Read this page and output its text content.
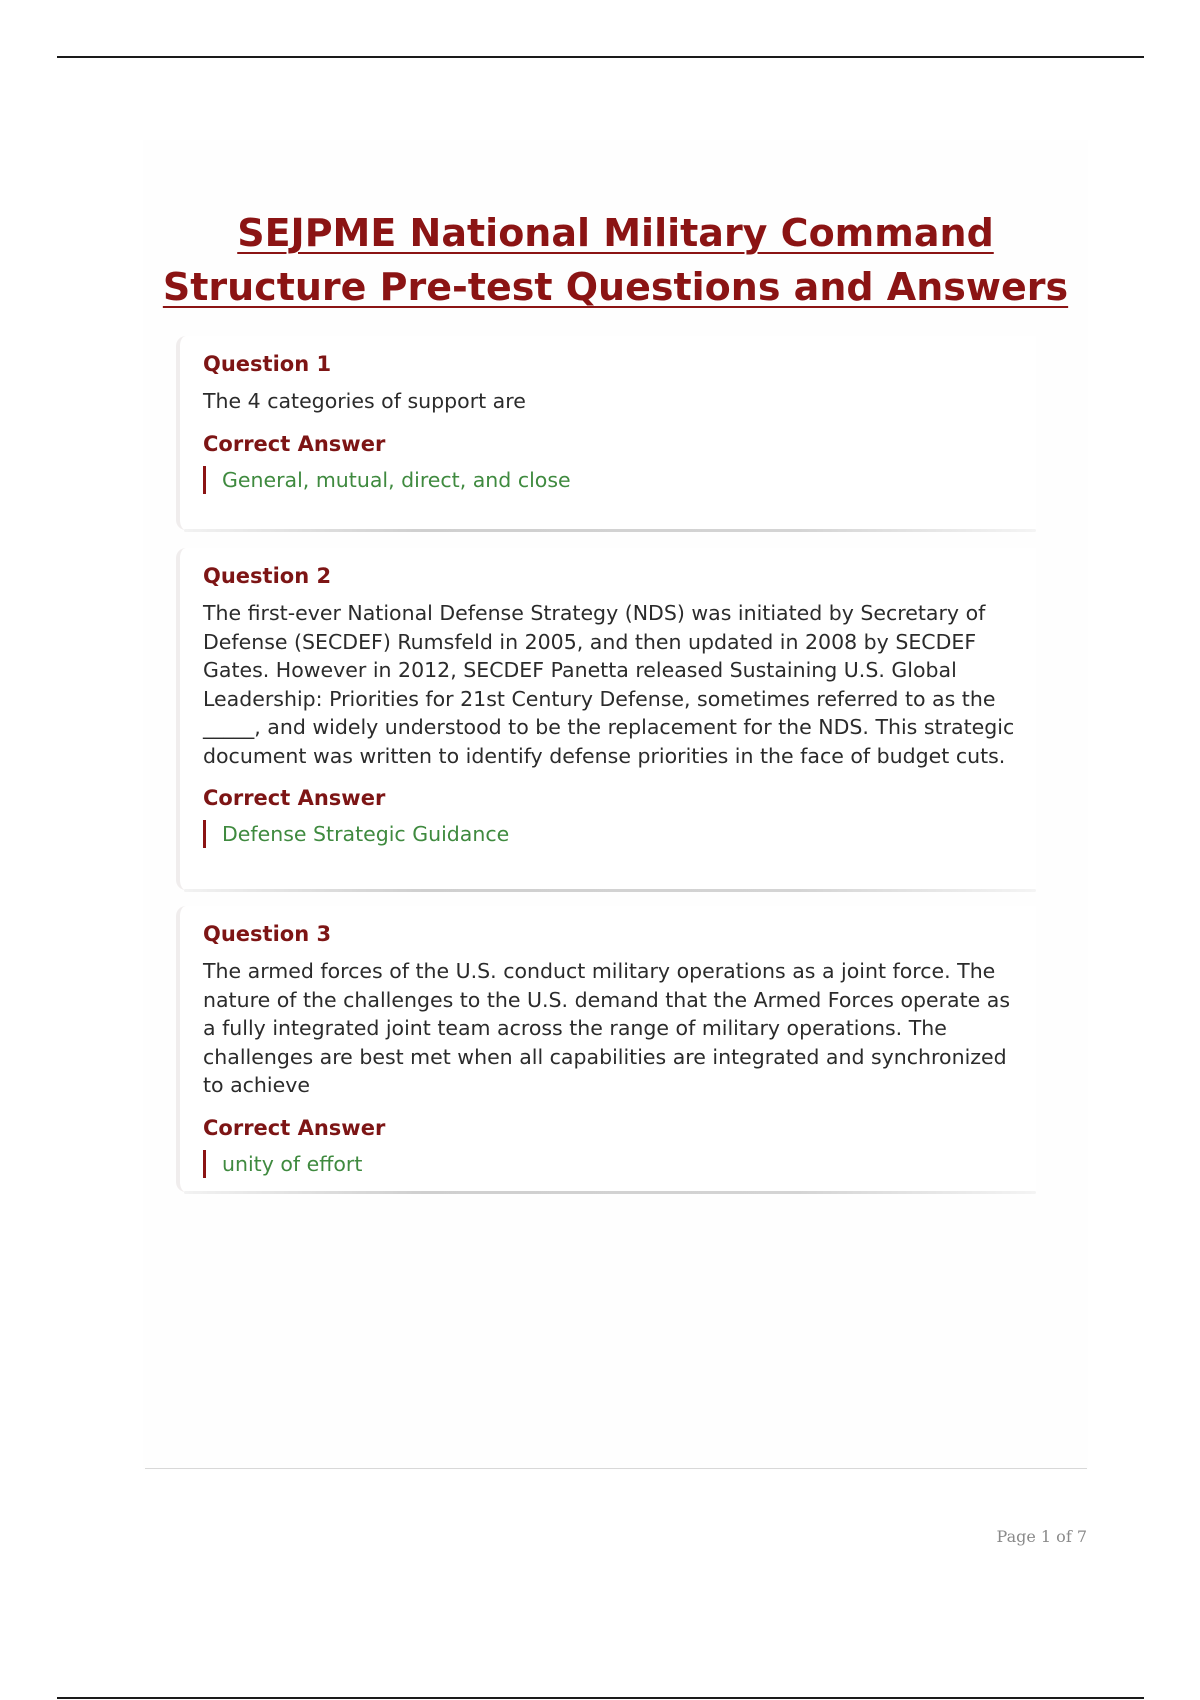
SEJPME National Military Command
Structure Pre-test Questions and Answers
Question 1
The 4 categories of support are
Correct Answer
General, mutual, direct, and close
Question 2
The first-ever National Defense Strategy (NDS) was initiated by Secretary of Defense (SECDEF) Rumsfeld in 2005, and then updated in 2008 by SECDEF Gates. However in 2012, SECDEF Panetta released Sustaining U.S. Global Leadership: Priorities for 21st Century Defense, sometimes referred to as the _____, and widely understood to be the replacement for the NDS. This strategic document was written to identify defense priorities in the face of budget cuts.
Correct Answer
Defense Strategic Guidance
Question 3
The armed forces of the U.S. conduct military operations as a joint force. The nature of the challenges to the U.S. demand that the Armed Forces operate as a fully integrated joint team across the range of military operations. The challenges are best met when all capabilities are integrated and synchronized to achieve
Correct Answer
unity of effort
Page 1 of 7
